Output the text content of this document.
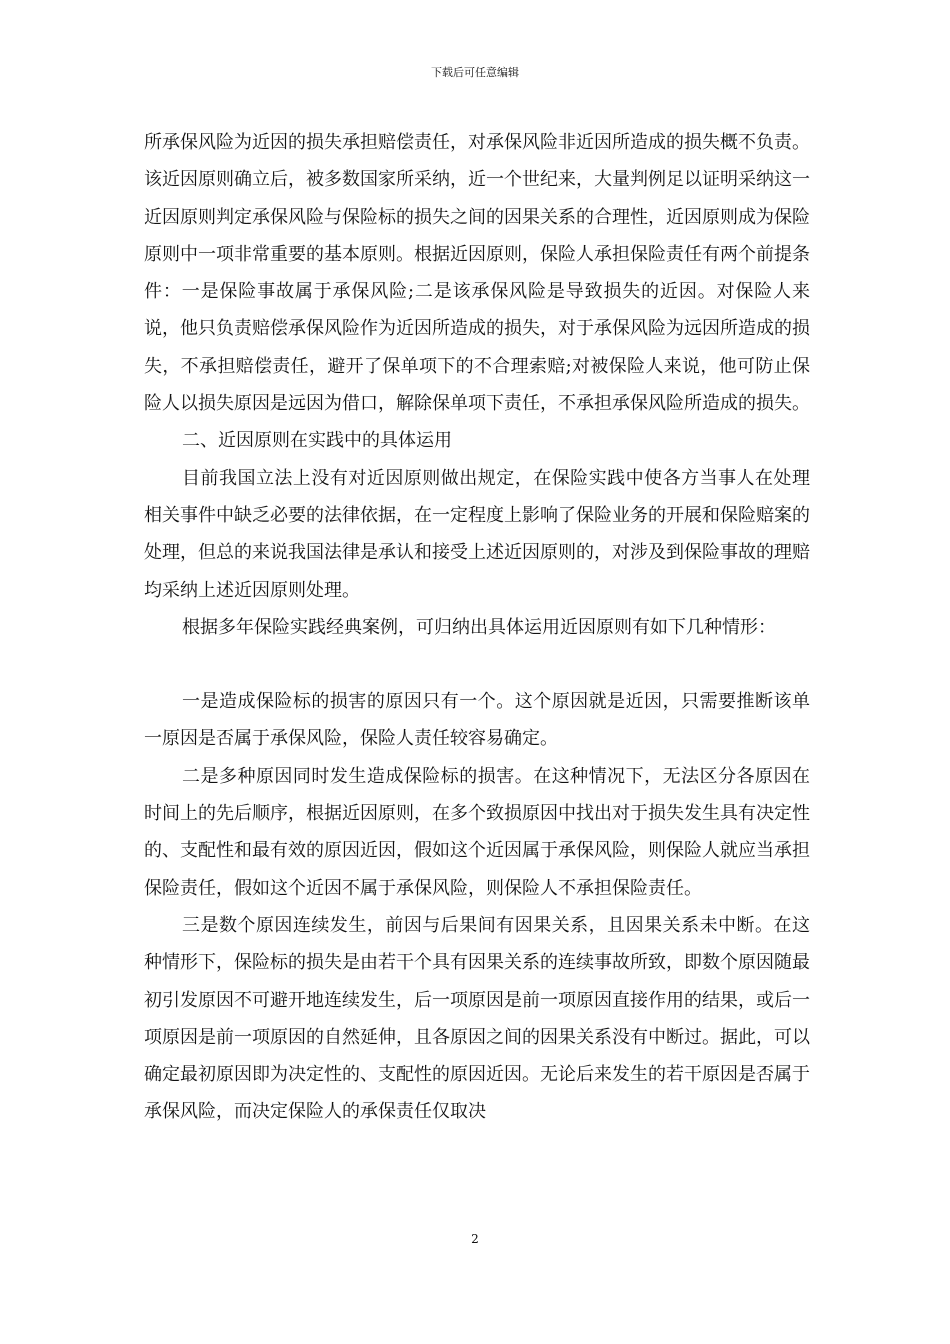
下载后可任意编辑

所承保风险为近因的损失承担赔偿责任，对承保风险非近因所造成的损失概不负责。该近因原则确立后，被多数国家所采纳，近一个世纪来，大量判例足以证明采纳这一近因原则判定承保风险与保险标的损失之间的因果关系的合理性，近因原则成为保险原则中一项非常重要的基本原则。根据近因原则，保险人承担保险责任有两个前提条件：一是保险事故属于承保风险;二是该承保风险是导致损失的近因。对保险人来说，他只负责赔偿承保风险作为近因所造成的损失，对于承保风险为远因所造成的损失，不承担赔偿责任，避开了保单项下的不合理索赔;对被保险人来说，他可防止保险人以损失原因是远因为借口，解除保单项下责任，不承担承保风险所造成的损失。

二、近因原则在实践中的具体运用

目前我国立法上没有对近因原则做出规定，在保险实践中使各方当事人在处理相关事件中缺乏必要的法律依据，在一定程度上影响了保险业务的开展和保险赔案的处理，但总的来说我国法律是承认和接受上述近因原则的，对涉及到保险事故的理赔均采纳上述近因原则处理。

根据多年保险实践经典案例，可归纳出具体运用近因原则有如下几种情形：

一是造成保险标的损害的原因只有一个。这个原因就是近因，只需要推断该单一原因是否属于承保风险，保险人责任较容易确定。

二是多种原因同时发生造成保险标的损害。在这种情况下，无法区分各原因在时间上的先后顺序，根据近因原则，在多个致损原因中找出对于损失发生具有决定性的、支配性和最有效的原因近因，假如这个近因属于承保风险，则保险人就应当承担保险责任，假如这个近因不属于承保风险，则保险人不承担保险责任。

三是数个原因连续发生，前因与后果间有因果关系，且因果关系未中断。在这种情形下，保险标的损失是由若干个具有因果关系的连续事故所致，即数个原因随最初引发原因不可避开地连续发生，后一项原因是前一项原因直接作用的结果，或后一项原因是前一项原因的自然延伸，且各原因之间的因果关系没有中断过。据此，可以确定最初原因即为决定性的、支配性的原因近因。无论后来发生的若干原因是否属于承保风险，而决定保险人的承保责任仅取决

2
